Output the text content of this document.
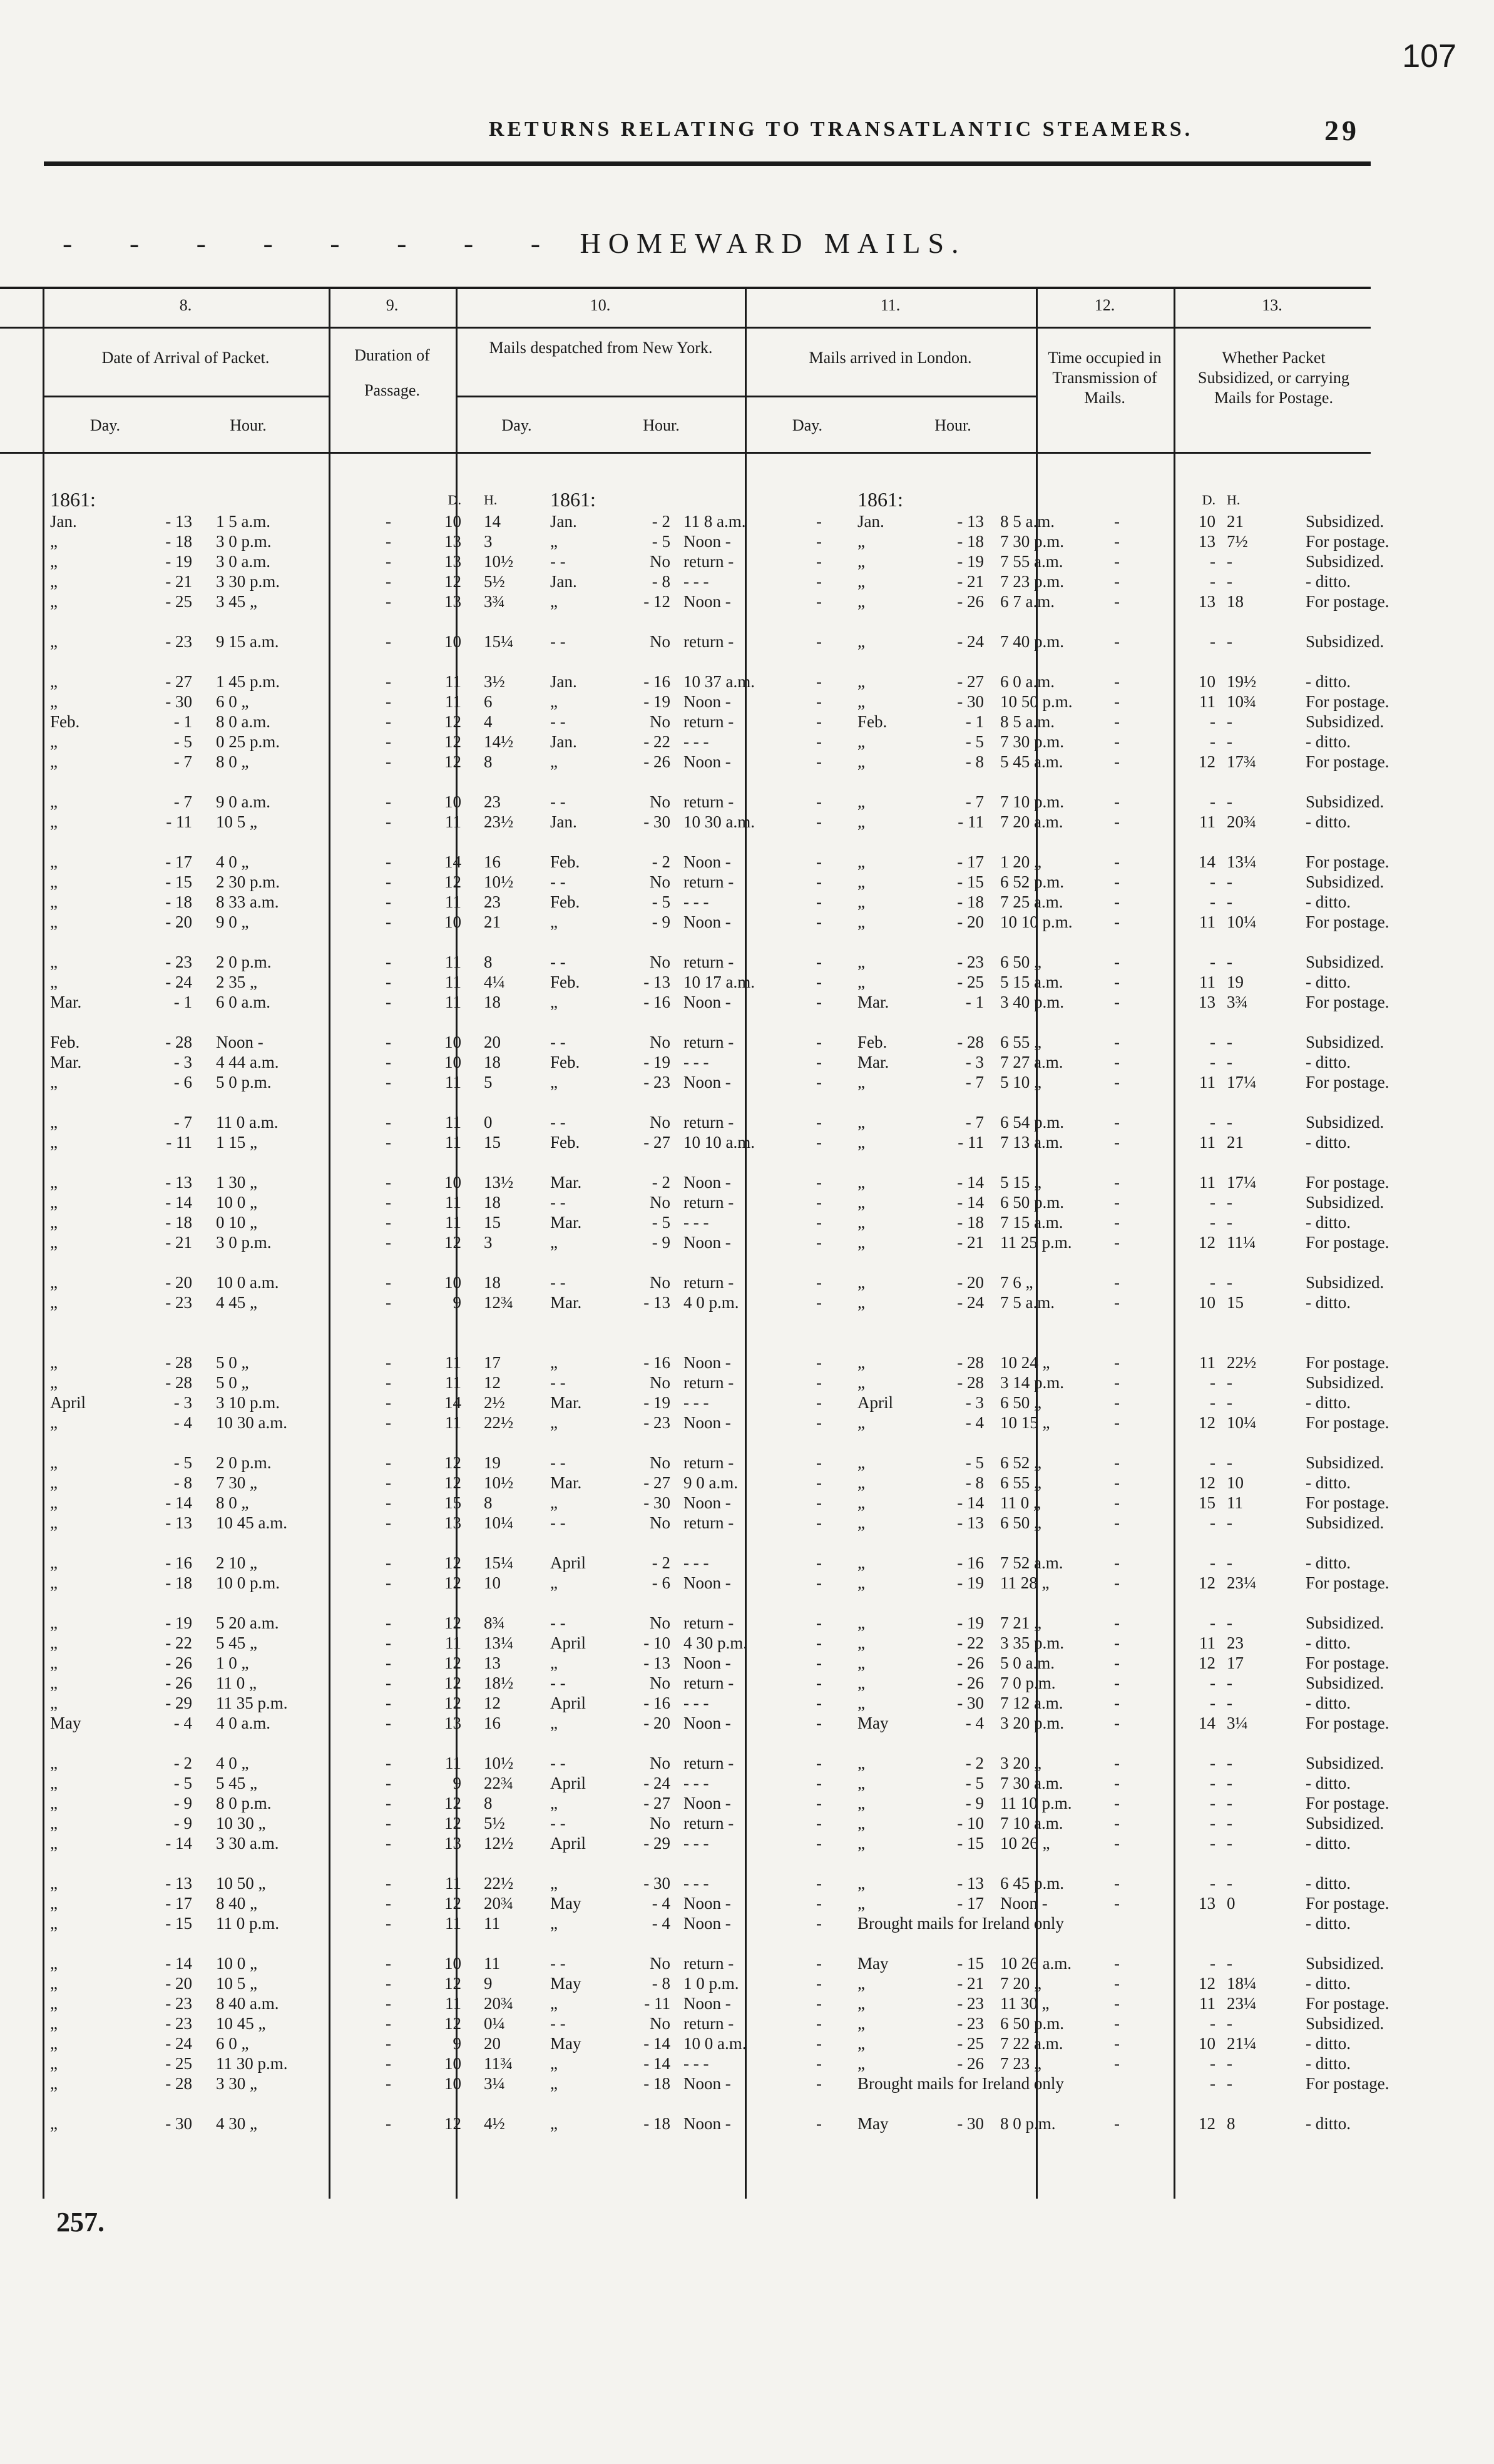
107
RETURNS RELATING TO TRANSATLANTIC STEAMERS.	29
- - - - - - - - HOMEWARD MAILS.
8.
Date of Arrival of Packet.
Day.	Hour.
9.
Duration of Passage.
10.
Mails despatched from New York.
Day.	Hour.
11.
Mails arrived in London.
Day.	Hour.
12.
Time occupied in Transmission of Mails.
13.
Whether Packet Subsidized, or carrying Mails for Postage.
1861:				D.	H.	1861:				1861:				D.	H.	
Jan.	- 13	1 5 a.m.	-	10	14	Jan.	- 2	11 8 a.m.	-	Jan.	- 13	8 5 a.m.	-	10	21	Subsidized.
„	- 18	3 0 p.m.	-	13	3	„	- 5	Noon -	-	„	- 18	7 30 p.m.	-	13	7½	For postage.
„	- 19	3 0 a.m.	-	13	10½	- -	No	return -	-	„	- 19	7 55 a.m.	-	-	-	Subsidized.
„	- 21	3 30 p.m.	-	12	5½	Jan.	- 8	- - -	-	„	- 21	7 23 p.m.	-	-	-	- ditto.
„	- 25	3 45 „	-	13	3¾	„	- 12	Noon -	-	„	- 26	6 7 a.m.	-	13	18	For postage.

„	- 23	9 15 a.m.	-	10	15¼	- -	No	return -	-	„	- 24	7 40 p.m.	-	-	-	Subsidized.

„	- 27	1 45 p.m.	-	11	3½	Jan.	- 16	10 37 a.m.	-	„	- 27	6 0 a.m.	-	10	19½	- ditto.
„	- 30	6 0 „	-	11	6	„	- 19	Noon -	-	„	- 30	10 50 p.m.	-	11	10¾	For postage.
Feb.	- 1	8 0 a.m.	-	12	4	- -	No	return -	-	Feb.	- 1	8 5 a.m.	-	-	-	Subsidized.
„	- 5	0 25 p.m.	-	12	14½	Jan.	- 22	- - -	-	„	- 5	7 30 p.m.	-	-	-	- ditto.
„	- 7	8 0 „	-	12	8	„	- 26	Noon -	-	„	- 8	5 45 a.m.	-	12	17¾	For postage.

„	- 7	9 0 a.m.	-	10	23	- -	No	return -	-	„	- 7	7 10 p.m.	-	-	-	Subsidized.
„	- 11	10 5 „	-	11	23½	Jan.	- 30	10 30 a.m.	-	„	- 11	7 20 a.m.	-	11	20¾	- ditto.

„	- 17	4 0 „	-	14	16	Feb.	- 2	Noon -	-	„	- 17	1 20 „	-	14	13¼	For postage.
„	- 15	2 30 p.m.	-	12	10½	- -	No	return -	-	„	- 15	6 52 p.m.	-	-	-	Subsidized.
„	- 18	8 33 a.m.	-	11	23	Feb.	- 5	- - -	-	„	- 18	7 25 a.m.	-	-	-	- ditto.
„	- 20	9 0 „	-	10	21	„	- 9	Noon -	-	„	- 20	10 10 p.m.	-	11	10¼	For postage.

„	- 23	2 0 p.m.	-	11	8	- -	No	return -	-	„	- 23	6 50 „	-	-	-	Subsidized.
„	- 24	2 35 „	-	11	4¼	Feb.	- 13	10 17 a.m.	-	„	- 25	5 15 a.m.	-	11	19	- ditto.
Mar.	- 1	6 0 a.m.	-	11	18	„	- 16	Noon -	-	Mar.	- 1	3 40 p.m.	-	13	3¾	For postage.

Feb.	- 28	Noon -	-	10	20	- -	No	return -	-	Feb.	- 28	6 55 „	-	-	-	Subsidized.
Mar.	- 3	4 44 a.m.	-	10	18	Feb.	- 19	- - -	-	Mar.	- 3	7 27 a.m.	-	-	-	- ditto.
„	- 6	5 0 p.m.	-	11	5	„	- 23	Noon -	-	„	- 7	5 10 „	-	11	17¼	For postage.

„	- 7	11 0 a.m.	-	11	0	- -	No	return -	-	„	- 7	6 54 p.m.	-	-	-	Subsidized.
„	- 11	1 15 „	-	11	15	Feb.	- 27	10 10 a.m.	-	„	- 11	7 13 a.m.	-	11	21	- ditto.

„	- 13	1 30 „	-	10	13½	Mar.	- 2	Noon -	-	„	- 14	5 15 „	-	11	17¼	For postage.
„	- 14	10 0 „	-	11	18	- -	No	return -	-	„	- 14	6 50 p.m.	-	-	-	Subsidized.
„	- 18	0 10 „	-	11	15	Mar.	- 5	- - -	-	„	- 18	7 15 a.m.	-	-	-	- ditto.
„	- 21	3 0 p.m.	-	12	3	„	- 9	Noon -	-	„	- 21	11 25 p.m.	-	12	11¼	For postage.

„	- 20	10 0 a.m.	-	10	18	- -	No	return -	-	„	- 20	7 6 „	-	-	-	Subsidized.
„	- 23	4 45 „	-	9	12¾	Mar.	- 13	4 0 p.m.	-	„	- 24	7 5 a.m.	-	10	15	- ditto.

„	- 28	5 0 „	-	11	17	„	- 16	Noon -	-	„	- 28	10 24 „	-	11	22½	For postage.
„	- 28	5 0 „	-	11	12	- -	No	return -	-	„	- 28	3 14 p.m.	-	-	-	Subsidized.
April	- 3	3 10 p.m.	-	14	2½	Mar.	- 19	- - -	-	April	- 3	6 50 „	-	-	-	- ditto.
„	- 4	10 30 a.m.	-	11	22½	„	- 23	Noon -	-	„	- 4	10 15 „	-	12	10¼	For postage.

„	- 5	2 0 p.m.	-	12	19	- -	No	return -	-	„	- 5	6 52 „	-	-	-	Subsidized.
„	- 8	7 30 „	-	12	10½	Mar.	- 27	9 0 a.m.	-	„	- 8	6 55 „	-	12	10	- ditto.
„	- 14	8 0 „	-	15	8	„	- 30	Noon -	-	„	- 14	11 0 „	-	15	11	For postage.
„	- 13	10 45 a.m.	-	13	10¼	- -	No	return -	-	„	- 13	6 50 „	-	-	-	Subsidized.

„	- 16	2 10 „	-	12	15¼	April	- 2	- - -	-	„	- 16	7 52 a.m.	-	-	-	- ditto.
„	- 18	10 0 p.m.	-	12	10	„	- 6	Noon -	-	„	- 19	11 28 „	-	12	23¼	For postage.

„	- 19	5 20 a.m.	-	12	8¾	- -	No	return -	-	„	- 19	7 21 „	-	-	-	Subsidized.
„	- 22	5 45 „	-	11	13¼	April	- 10	4 30 p.m.	-	„	- 22	3 35 p.m.	-	11	23	- ditto.
„	- 26	1 0 „	-	12	13	„	- 13	Noon -	-	„	- 26	5 0 a.m.	-	12	17	For postage.
„	- 26	11 0 „	-	12	18½	- -	No	return -	-	„	- 26	7 0 p.m.	-	-	-	Subsidized.
„	- 29	11 35 p.m.	-	12	12	April	- 16	- - -	-	„	- 30	7 12 a.m.	-	-	-	- ditto.
May	- 4	4 0 a.m.	-	13	16	„	- 20	Noon -	-	May	- 4	3 20 p.m.	-	14	3¼	For postage.

„	- 2	4 0 „	-	11	10½	- -	No	return -	-	„	- 2	3 20 „	-	-	-	Subsidized.
„	- 5	5 45 „	-	9	22¾	April	- 24	- - -	-	„	- 5	7 30 a.m.	-	-	-	- ditto.
„	- 9	8 0 p.m.	-	12	8	„	- 27	Noon -	-	„	- 9	11 10 p.m.	-	-	-	For postage.
„	- 9	10 30 „	-	12	5½	- -	No	return -	-	„	- 10	7 10 a.m.	-	-	-	Subsidized.
„	- 14	3 30 a.m.	-	13	12½	April	- 29	- - -	-	„	- 15	10 26 „	-	-	-	- ditto.

„	- 13	10 50 „	-	11	22½	„	- 30	- - -	-	„	- 13	6 45 p.m.	-	-	-	- ditto.
„	- 17	8 40 „	-	12	20¾	May	- 4	Noon -	-	„	- 17	Noon -	-	13	0	For postage.
„	- 15	11 0 p.m.	-	11	11	„	- 4	Noon -	-	Brought mails for Ireland only						- ditto.

„	- 14	10 0 „	-	10	11	- -	No	return -	-	May	- 15	10 26 a.m.	-	-	-	Subsidized.
„	- 20	10 5 „	-	12	9	May	- 8	1 0 p.m.	-	„	- 21	7 20 „	-	12	18¼	- ditto.
„	- 23	8 40 a.m.	-	11	20¾	„	- 11	Noon -	-	„	- 23	11 30 „	-	11	23¼	For postage.
„	- 23	10 45 „	-	12	0¼	- -	No	return -	-	„	- 23	6 50 p.m.	-	-	-	Subsidized.
„	- 24	6 0 „	-	9	20	May	- 14	10 0 a.m.	-	„	- 25	7 22 a.m.	-	10	21¼	- ditto.
„	- 25	11 30 p.m.	-	10	11¾	„	- 14	- - -	-	„	- 26	7 23 „	-	-	-	- ditto.
„	- 28	3 30 „	-	10	3¼	„	- 18	Noon -	-	Brought mails for Ireland only				-	-	For postage.

„	- 30	4 30 „	-	12	4½	„	- 18	Noon -	-	May	- 30	8 0 p.m.	-	12	8	- ditto.
257.
